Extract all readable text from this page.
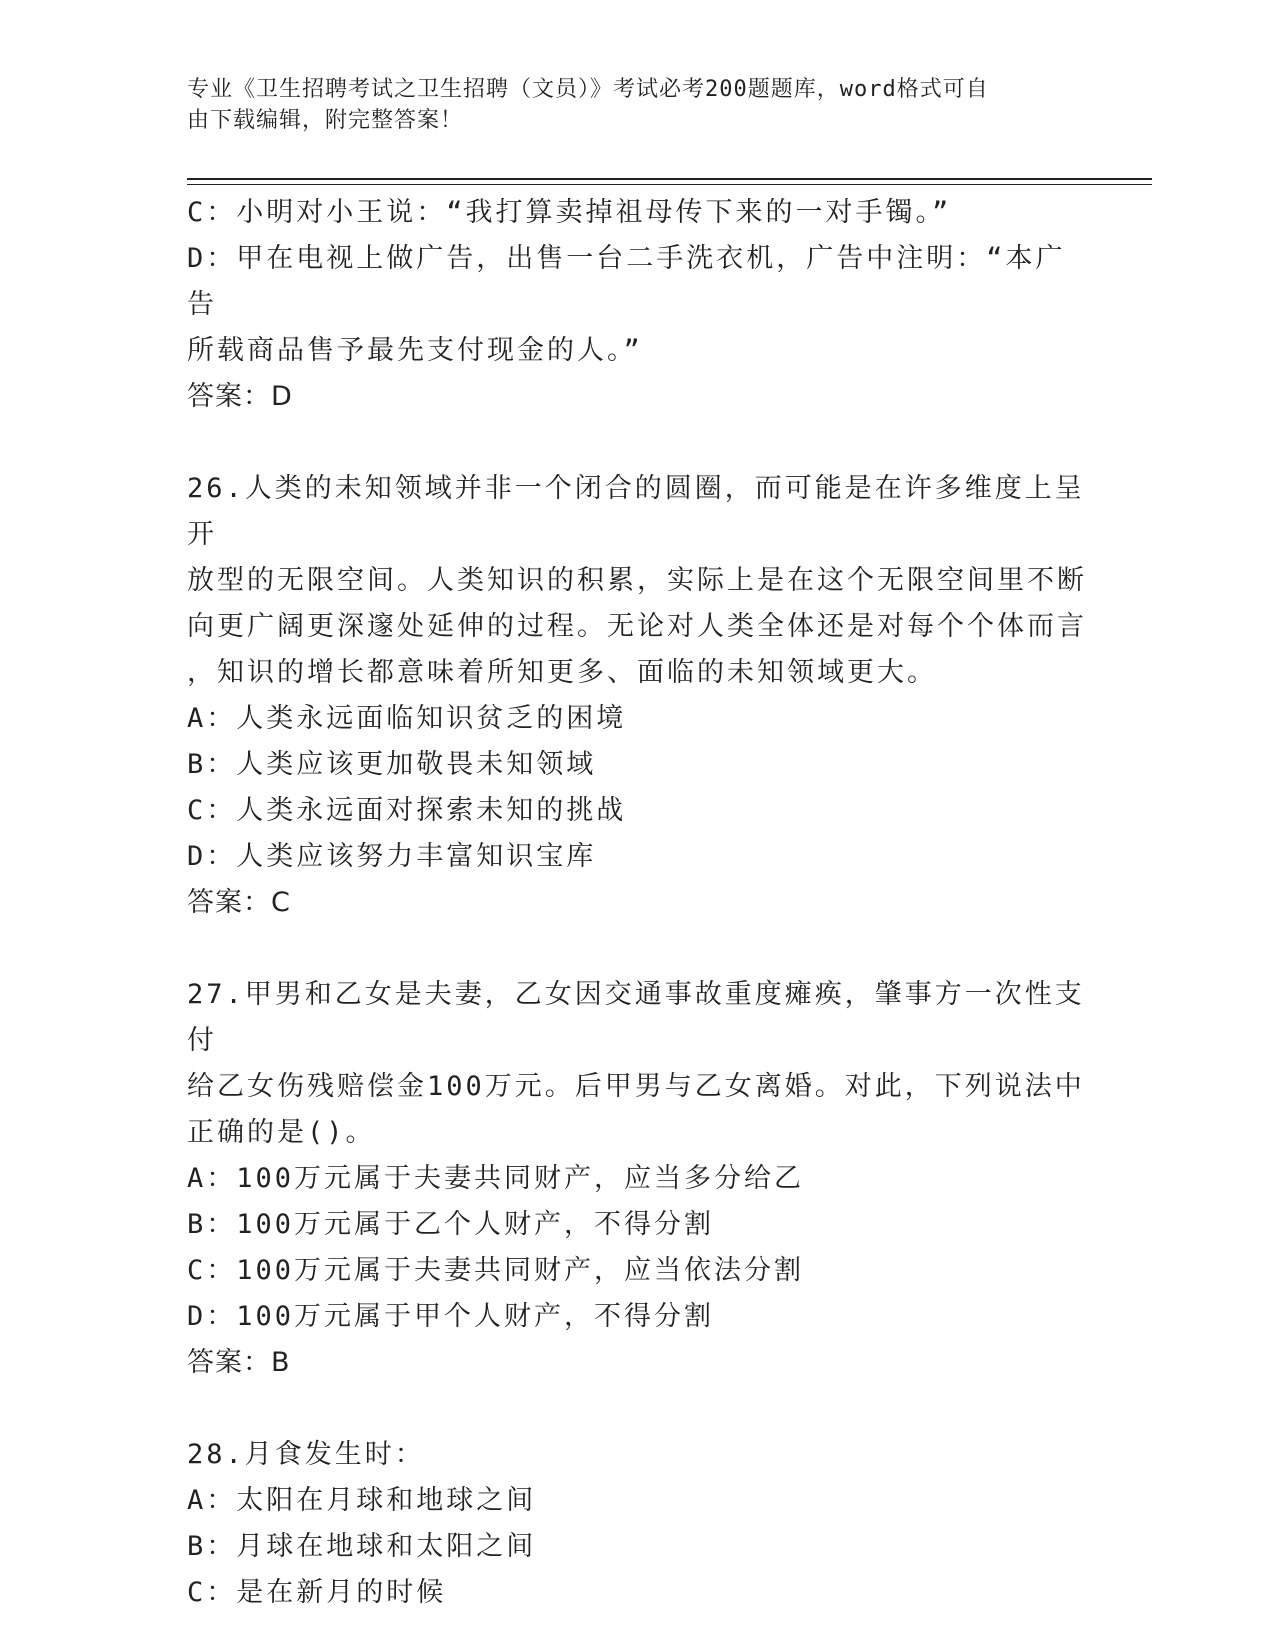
专业《卫生招聘考试之卫生招聘（文员）》考试必考200题题库，word格式可自
由下载编辑，附完整答案！
C：小明对小王说：“我打算卖掉祖母传下来的一对手镯。”
D：甲在电视上做广告，出售一台二手洗衣机，广告中注明：“本广告
所载商品售予最先支付现金的人。”
答案：D
26.人类的未知领域并非一个闭合的圆圈，而可能是在许多维度上呈开
放型的无限空间。人类知识的积累，实际上是在这个无限空间里不断
向更广阔更深邃处延伸的过程。无论对人类全体还是对每个个体而言
，知识的增长都意味着所知更多、面临的未知领域更大。
A：人类永远面临知识贫乏的困境
B：人类应该更加敬畏未知领域
C：人类永远面对探索未知的挑战
D：人类应该努力丰富知识宝库
答案：C
27.甲男和乙女是夫妻，乙女因交通事故重度瘫痪，肇事方一次性支付
给乙女伤残赔偿金100万元。后甲男与乙女离婚。对此，下列说法中
正确的是()。
A：100万元属于夫妻共同财产，应当多分给乙
B：100万元属于乙个人财产，不得分割
C：100万元属于夫妻共同财产，应当依法分割
D：100万元属于甲个人财产，不得分割
答案：B
28.月食发生时：
A：太阳在月球和地球之间
B：月球在地球和太阳之间
C：是在新月的时候
